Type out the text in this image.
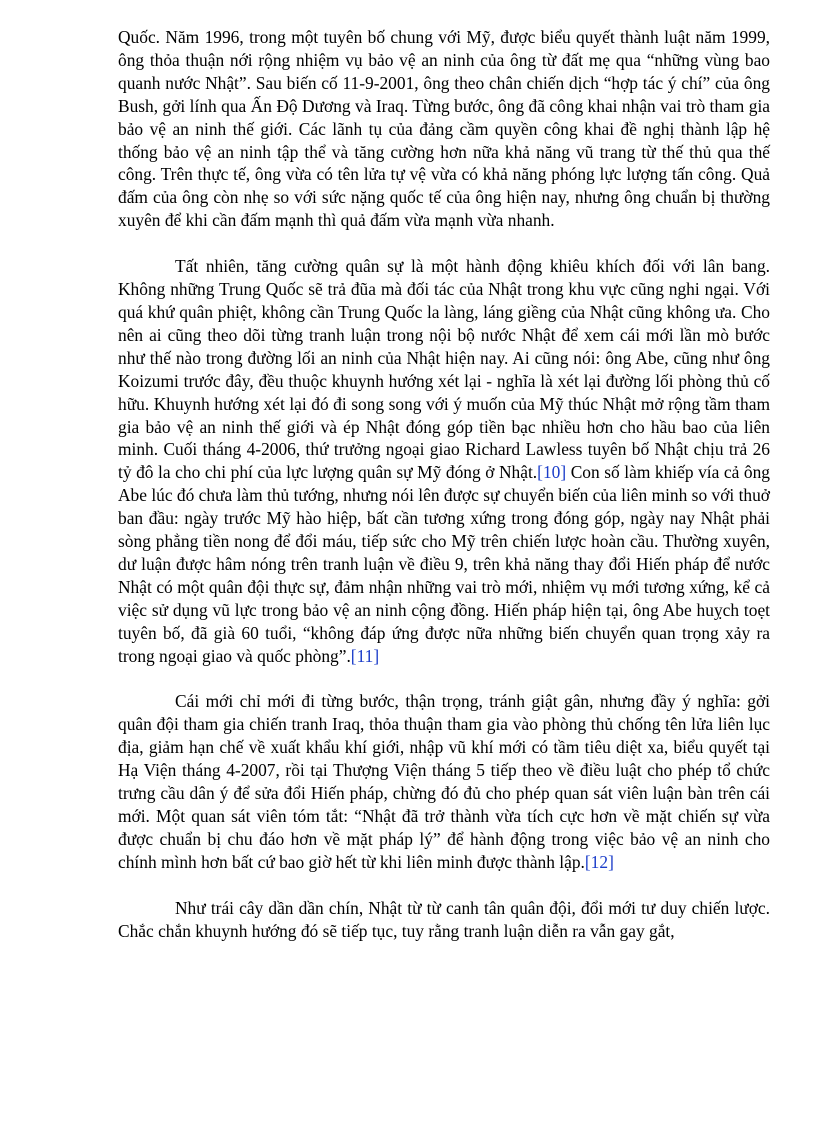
Quốc. Năm 1996, trong một tuyên bố chung với Mỹ, được biểu quyết thành luật năm 1999, ông thỏa thuận nới rộng nhiệm vụ bảo vệ an ninh của ông từ đất mẹ qua “những vùng bao quanh nước Nhật”. Sau biến cố 11-9-2001, ông theo chân chiến dịch “hợp tác ý chí” của ông Bush, gởi lính qua Ấn Độ Dương và Iraq. Từng bước, ông đã công khai nhận vai trò tham gia bảo vệ an ninh thế giới. Các lãnh tụ của đảng cầm quyền công khai đề nghị thành lập hệ thống bảo vệ an ninh tập thể và tăng cường hơn nữa khả năng vũ trang từ thế thủ qua thế công. Trên thực tế, ông vừa có tên lửa tự vệ vừa có khả năng phóng lực lượng tấn công. Quả đấm của ông còn nhẹ so với sức nặng quốc tế của ông hiện nay, nhưng ông chuẩn bị thường xuyên để khi cần đấm mạnh thì quả đấm vừa mạnh vừa nhanh.

Tất nhiên, tăng cường quân sự là một hành động khiêu khích đối với lân bang. Không những Trung Quốc sẽ trả đũa mà đối tác của Nhật trong khu vực cũng nghi ngại. Với quá khứ quân phiệt, không cần Trung Quốc la làng, láng giềng của Nhật cũng không ưa. Cho nên ai cũng theo dõi từng tranh luận trong nội bộ nước Nhật để xem cái mới lần mò bước như thế nào trong đường lối an ninh của Nhật hiện nay. Ai cũng nói: ông Abe, cũng như ông Koizumi trước đây, đều thuộc khuynh hướng xét lại - nghĩa là xét lại đường lối phòng thủ cố hữu. Khuynh hướng xét lại đó đi song song với ý muốn của Mỹ thúc Nhật mở rộng tầm tham gia bảo vệ an ninh thế giới và ép Nhật đóng góp tiền bạc nhiều hơn cho hầu bao của liên minh. Cuối tháng 4-2006, thứ trưởng ngoại giao Richard Lawless tuyên bố Nhật chịu trả 26 tỷ đô la cho chi phí của lực lượng quân sự Mỹ đóng ở Nhật.[10] Con số làm khiếp vía cả ông Abe lúc đó chưa làm thủ tướng, nhưng nói lên được sự chuyển biến của liên minh so với thuở ban đầu: ngày trước Mỹ hào hiệp, bất cần tương xứng trong đóng góp, ngày nay Nhật phải sòng phẳng tiền nong để đổi máu, tiếp sức cho Mỹ trên chiến lược hoàn cầu. Thường xuyên, dư luận được hâm nóng trên tranh luận về điều 9, trên khả năng thay đổi Hiến pháp để nước Nhật có một quân đội thực sự, đảm nhận những vai trò mới, nhiệm vụ mới tương xứng, kể cả việc sử dụng vũ lực trong bảo vệ an ninh cộng đồng. Hiến pháp hiện tại, ông Abe huỵch toẹt tuyên bố, đã già 60 tuổi, “không đáp ứng được nữa những biến chuyển quan trọng xảy ra trong ngoại giao và quốc phòng”.[11]

Cái mới chỉ mới đi từng bước, thận trọng, tránh giật gân, nhưng đầy ý nghĩa: gởi quân đội tham gia chiến tranh Iraq, thỏa thuận tham gia vào phòng thủ chống tên lửa liên lục địa, giảm hạn chế về xuất khẩu khí giới, nhập vũ khí mới có tầm tiêu diệt xa, biểu quyết tại Hạ Viện tháng 4-2007, rồi tại Thượng Viện tháng 5 tiếp theo về điều luật cho phép tổ chức trưng cầu dân ý để sửa đổi Hiến pháp, chừng đó đủ cho phép quan sát viên luận bàn trên cái mới. Một quan sát viên tóm tắt: “Nhật đã trở thành vừa tích cực hơn về mặt chiến sự vừa được chuẩn bị chu đáo hơn về mặt pháp lý” để hành động trong việc bảo vệ an ninh cho chính mình hơn bất cứ bao giờ hết từ khi liên minh được thành lập.[12]

Như trái cây dần dần chín, Nhật từ từ canh tân quân đội, đổi mới tư duy chiến lược. Chắc chắn khuynh hướng đó sẽ tiếp tục, tuy rằng tranh luận diễn ra vẫn gay gắt,
